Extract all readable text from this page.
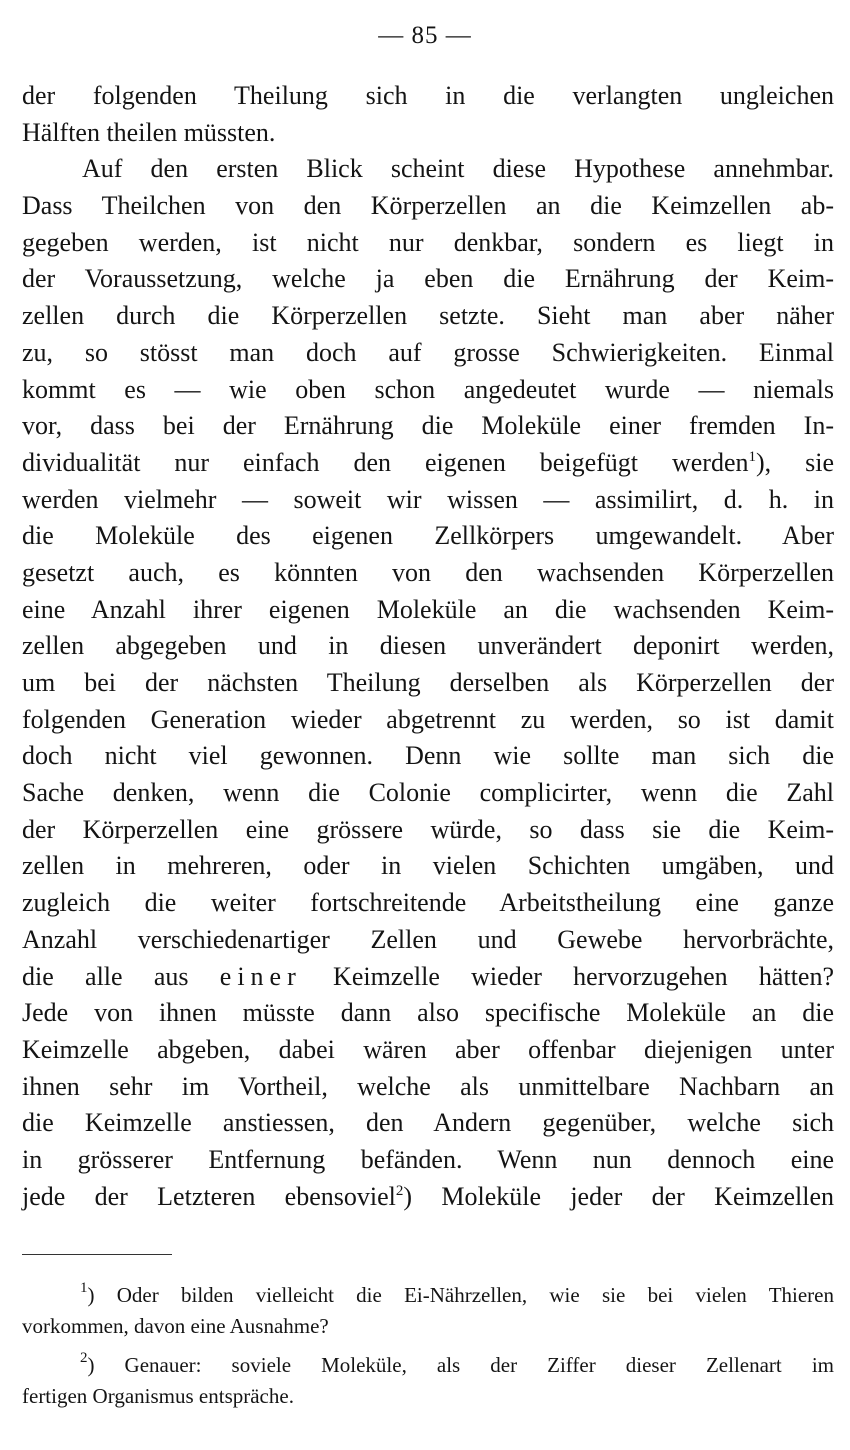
— 85 —
der folgenden Theilung sich in die verlangten ungleichen
Hälften theilen müssten.
Auf den ersten Blick scheint diese Hypothese annehmbar.
Dass Theilchen von den Körperzellen an die Keimzellen ab-
gegeben werden, ist nicht nur denkbar, sondern es liegt in
der Voraussetzung, welche ja eben die Ernährung der Keim-
zellen durch die Körperzellen setzte. Sieht man aber näher
zu, so stösst man doch auf grosse Schwierigkeiten. Einmal
kommt es — wie oben schon angedeutet wurde — niemals
vor, dass bei der Ernährung die Moleküle einer fremden In-
dividualität nur einfach den eigenen beigefügt werden$^1$), sie
werden vielmehr — soweit wir wissen — assimilirt, d. h. in
die Moleküle des eigenen Zellkörpers umgewandelt. Aber
gesetzt auch, es könnten von den wachsenden Körperzellen
eine Anzahl ihrer eigenen Moleküle an die wachsenden Keim-
zellen abgegeben und in diesen unverändert deponirt werden,
um bei der nächsten Theilung derselben als Körperzellen der
folgenden Generation wieder abgetrennt zu werden, so ist damit
doch nicht viel gewonnen. Denn wie sollte man sich die
Sache denken, wenn die Colonie complicirter, wenn die Zahl
der Körperzellen eine grössere würde, so dass sie die Keim-
zellen in mehreren, oder in vielen Schichten umgäben, und
zugleich die weiter fortschreitende Arbeitstheilung eine ganze
Anzahl verschiedenartiger Zellen und Gewebe hervorbrächte,
die alle aus einer Keimzelle wieder hervorzugehen hätten?
Jede von ihnen müsste dann also specifische Moleküle an die
Keimzelle abgeben, dabei wären aber offenbar diejenigen unter
ihnen sehr im Vortheil, welche als unmittelbare Nachbarn an
die Keimzelle anstiessen, den Andern gegenüber, welche sich
in grösserer Entfernung befänden. Wenn nun dennoch eine
jede der Letzteren ebensoviel$^2$) Moleküle jeder der Keimzellen
$^1$) Oder bilden vielleicht die Ei-Nährzellen, wie sie bei vielen Thieren
vorkommen, davon eine Ausnahme?
$^2$) Genauer: soviele Moleküle, als der Ziffer dieser Zellenart im
fertigen Organismus entspräche.
